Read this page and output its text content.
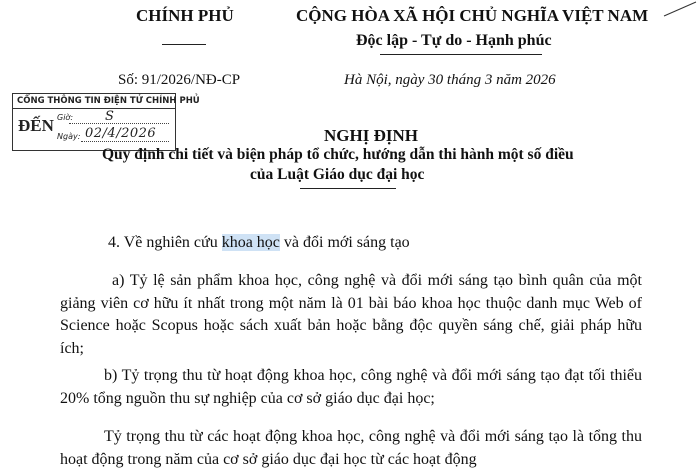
CHÍNH PHỦ	CỘNG HÒA XÃ HỘI CHỦ NGHĨA VIỆT NAM
Độc lập - Tự do - Hạnh phúc
Số: 91/2026/NĐ-CP	Hà Nội, ngày 30 tháng 3 năm 2026
CỔNG THÔNG TIN ĐIỆN TỬ CHÍNH PHỦ
ĐẾN Giờ: S
Ngày: 02/4/2026	NGHỊ ĐỊNH
Quy định chi tiết và biện pháp tổ chức, hướng dẫn thi hành một số điều
của Luật Giáo dục đại học
4. Về nghiên cứu khoa học và đổi mới sáng tạo
a) Tỷ lệ sản phẩm khoa học, công nghệ và đổi mới sáng tạo bình quân của một giảng viên cơ hữu ít nhất trong một năm là 01 bài báo khoa học thuộc danh mục Web of Science hoặc Scopus hoặc sách xuất bản hoặc bằng độc quyền sáng chế, giải pháp hữu ích;
b) Tỷ trọng thu từ hoạt động khoa học, công nghệ và đổi mới sáng tạo đạt tối thiểu 20% tổng nguồn thu sự nghiệp của cơ sở giáo dục đại học;
Tỷ trọng thu từ các hoạt động khoa học, công nghệ và đổi mới sáng tạo là tổng thu hoạt động trong năm của cơ sở giáo dục đại học từ các hoạt động
